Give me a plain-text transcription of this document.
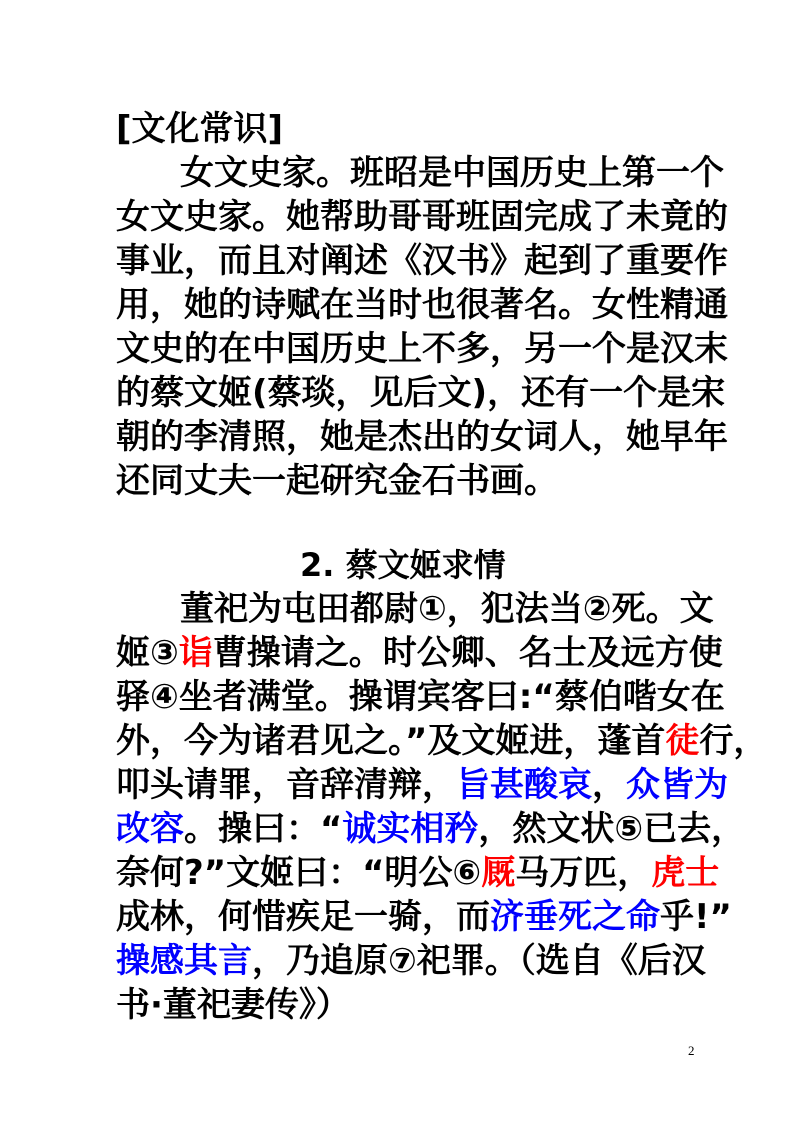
[文化常识]
女文史家。班昭是中国历史上第一个
女文史家。她帮助哥哥班固完成了未竟的
事业，而且对阐述《汉书》起到了重要作
用，她的诗赋在当时也很著名。女性精通
文史的在中国历史上不多，另一个是汉末
的蔡文姬(蔡琰，见后文)，还有一个是宋
朝的李清照，她是杰出的女词人，她早年
还同丈夫一起研究金石书画。
2. 蔡文姬求情
董祀为屯田都尉①，犯法当②死。文
姬③诣曹操请之。时公卿、名士及远方使
驿④坐者满堂。操谓宾客曰:“蔡伯喈女在
外，今为诸君见之。”及文姬进，蓬首徒行，
叩头请罪，音辞清辩，旨甚酸哀，众皆为
改容。操曰：“诚实相矜，然文状⑤已去，
奈何?”文姬曰：“明公⑥厩马万匹，虎士
成林，何惜疾足一骑，而济垂死之命乎!”
操感其言，乃追原⑦祀罪。（选自《后汉
书·董祀妻传》）
2
